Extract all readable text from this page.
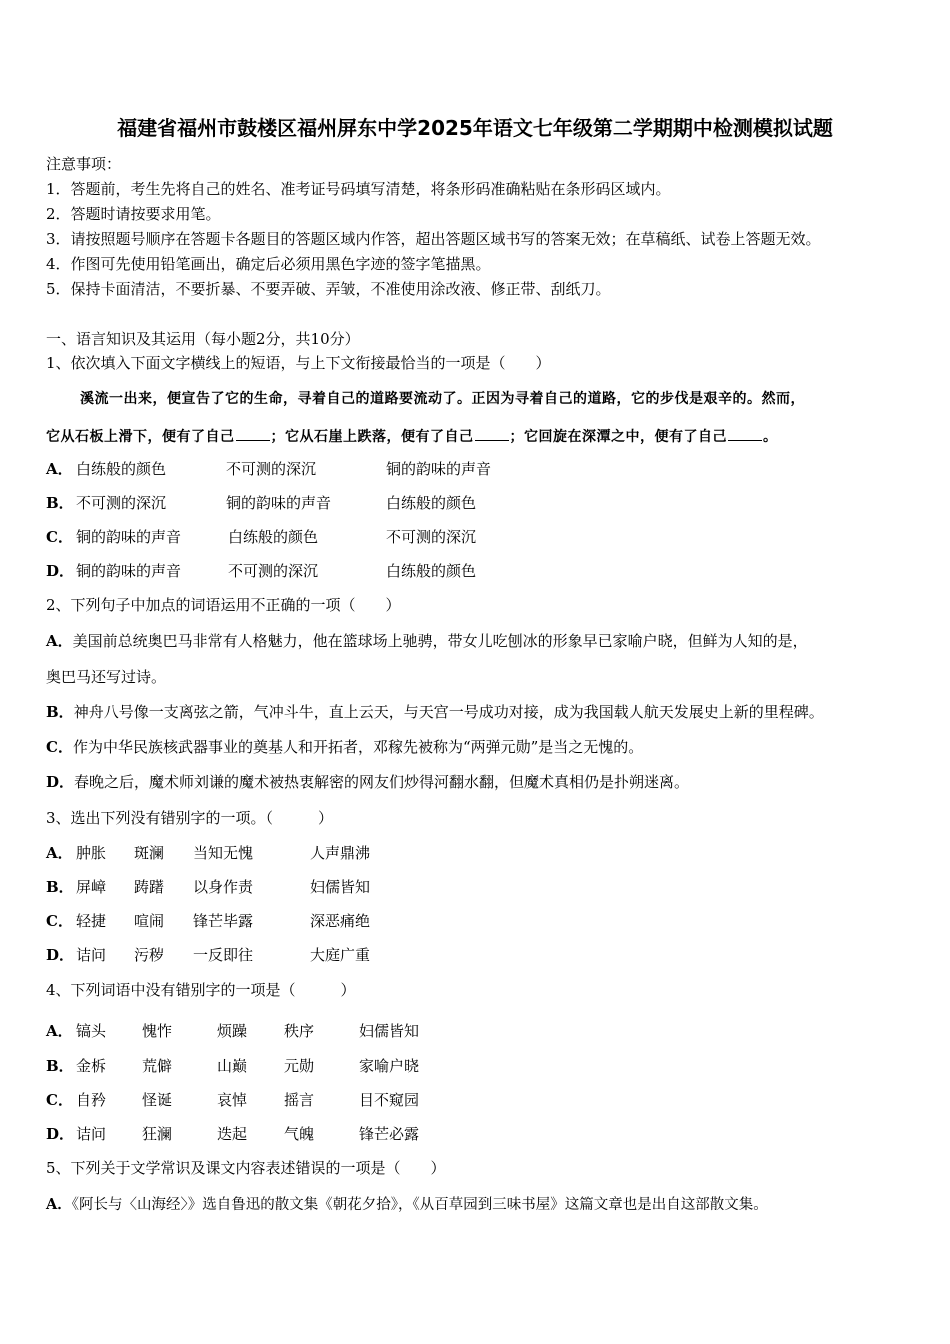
福建省福州市鼓楼区福州屏东中学2025年语文七年级第二学期期中检测模拟试题
注意事项：
1．答题前，考生先将自己的姓名、准考证号码填写清楚，将条形码准确粘贴在条形码区域内。
2．答题时请按要求用笔。
3．请按照题号顺序在答题卡各题目的答题区域内作答，超出答题区域书写的答案无效；在草稿纸、试卷上答题无效。
4．作图可先使用铅笔画出，确定后必须用黑色字迹的签字笔描黑。
5．保持卡面清洁，不要折暴、不要弄破、弄皱，不准使用涂改液、修正带、刮纸刀。
一、语言知识及其运用（每小题2分，共10分）
1、依次填入下面文字横线上的短语，与上下文衔接最恰当的一项是（　　）
溪流一出来，便宣告了它的生命，寻着自己的道路要流动了。正因为寻着自己的道路，它的步伐是艰辛的。然而，
它从石板上滑下，便有了自己	；它从石崖上跌落，便有了自己	；它回旋在深潭之中，便有了自己	。
A． 白练般的颜色	不可测的深沉	铜的韵味的声音
B． 不可测的深沉	铜的韵味的声音	白练般的颜色
C． 铜的韵味的声音	白练般的颜色	不可测的深沉
D． 铜的韵味的声音	不可测的深沉	白练般的颜色
2、下列句子中加点的词语运用不正确的一项（　　）
A．美国前总统奥巴马非常有人格魅力，他在篮球场上驰骋，带女儿吃刨冰的形象早已家喻户晓，但鲜为人知的是，
奥巴马还写过诗。
B．神舟八号像一支离弦之箭，气冲斗牛，直上云天，与天宫一号成功对接，成为我国载人航天发展史上新的里程碑。
C．作为中华民族核武器事业的奠基人和开拓者，邓稼先被称为“两弹元勋”是当之无愧的。
D．春晚之后，魔术师刘谦的魔术被热衷解密的网友们炒得河翻水翻，但魔术真相仍是扑朔迷离。
3、选出下列没有错别字的一项。（　　　）
A． 肿胀 斑澜 当知无愧	人声鼎沸
B． 屏嶂 踌躇 以身作责	妇儒皆知
C． 轻捷 喧闹 锋芒毕露	深恶痛绝
D． 诘问 污秽 一反即往	大庭广重
4、下列词语中没有错别字的一项是（　　　）
A． 镐头 愧怍	烦躁 秩序	妇儒皆知
B． 金柝 荒僻	山巅 元勋	家喻户晓
C． 自矜 怪诞	哀悼 摇言	目不窥园
D． 诘问 狂澜	迭起 气魄	锋芒必露
5、下列关于文学常识及课文内容表述错误的一项是（　　）
A．《阿长与〈山海经〉》选自鲁迅的散文集《朝花夕拾》，《从百草园到三味书屋》这篇文章也是出自这部散文集。
